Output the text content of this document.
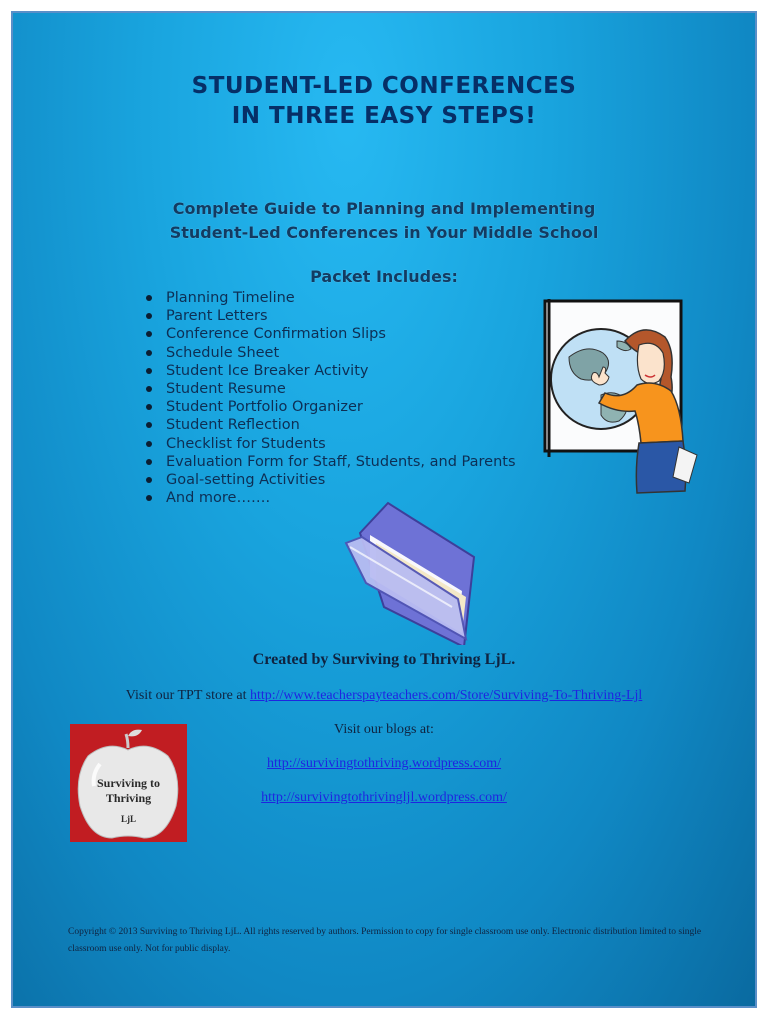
STUDENT-LED CONFERENCES
IN THREE EASY STEPS!
Complete Guide to Planning and Implementing
Student-Led Conferences in Your Middle School
Packet Includes:
Planning Timeline
Parent Letters
Conference Confirmation Slips
Schedule Sheet
Student Ice Breaker Activity
Student Resume
Student Portfolio Organizer
Student Reflection
Checklist for Students
Evaluation Form for Staff, Students, and Parents
Goal-setting Activities
And more…….
Created by Surviving to Thriving LjL.
Visit our TPT store at http://www.teacherspayteachers.com/Store/Surviving-To-Thriving-Ljl
Visit our blogs at:
http://survivingtothriving.wordpress.com/
http://survivingtothrivingljl.wordpress.com/
Surviving to
Thriving
LjL
Copyright © 2013 Surviving to Thriving LjL. All rights reserved by authors. Permission to copy for single classroom use only. Electronic distribution limited to single classroom use only. Not for public display.
